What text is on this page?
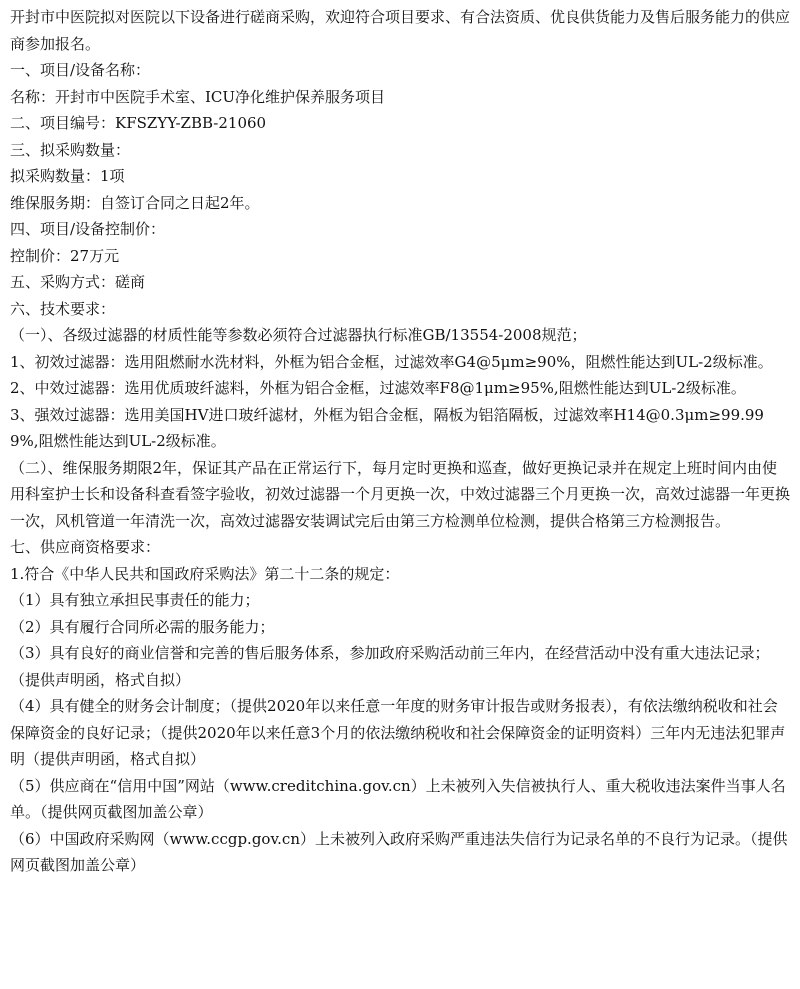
开封市中医院拟对医院以下设备进行磋商采购，欢迎符合项目要求、有合法资质、优良供货能力及售后服务能力的供应商参加报名。

一、项目/设备名称：

名称：开封市中医院手术室、ICU净化维护保养服务项目

二、项目编号：KFSZYY-ZBB-21060

三、拟采购数量：

拟采购数量：1项

维保服务期：自签订合同之日起2年。

四、项目/设备控制价：

控制价：27万元

五、采购方式：磋商

六、技术要求：

（一）、各级过滤器的材质性能等参数必须符合过滤器执行标准GB/13554-2008规范；

1、初效过滤器：选用阻燃耐水洗材料，外框为铝合金框，过滤效率G4@5μm≥90%，阻燃性能达到UL-2级标准。

2、中效过滤器：选用优质玻纤滤料，外框为铝合金框，过滤效率F8@1μm≥95%,阻燃性能达到UL-2级标准。

3、强效过滤器：选用美国HV进口玻纤滤材，外框为铝合金框，隔板为铝箔隔板，过滤效率H14@0.3μm≥99.999%,阻燃性能达到UL-2级标准。

（二）、维保服务期限2年，保证其产品在正常运行下，每月定时更换和巡查，做好更换记录并在规定上班时间内由使用科室护士长和设备科查看签字验收，初效过滤器一个月更换一次，中效过滤器三个月更换一次，高效过滤器一年更换一次，风机管道一年清洗一次，高效过滤器安装调试完后由第三方检测单位检测，提供合格第三方检测报告。

七、供应商资格要求：

1.符合《中华人民共和国政府采购法》第二十二条的规定：

（1）具有独立承担民事责任的能力；

（2）具有履行合同所必需的服务能力；

（3）具有良好的商业信誉和完善的售后服务体系，参加政府采购活动前三年内，在经营活动中没有重大违法记录；（提供声明函，格式自拟）

（4）具有健全的财务会计制度；（提供2020年以来任意一年度的财务审计报告或财务报表），有依法缴纳税收和社会保障资金的良好记录；（提供2020年以来任意3个月的依法缴纳税收和社会保障资金的证明资料）三年内无违法犯罪声明（提供声明函，格式自拟）

（5）供应商在“信用中国”网站（www.creditchina.gov.cn）上未被列入失信被执行人、重大税收违法案件当事人名单。（提供网页截图加盖公章）

（6）中国政府采购网（www.ccgp.gov.cn）上未被列入政府采购严重违法失信行为记录名单的不良行为记录。（提供网页截图加盖公章）
